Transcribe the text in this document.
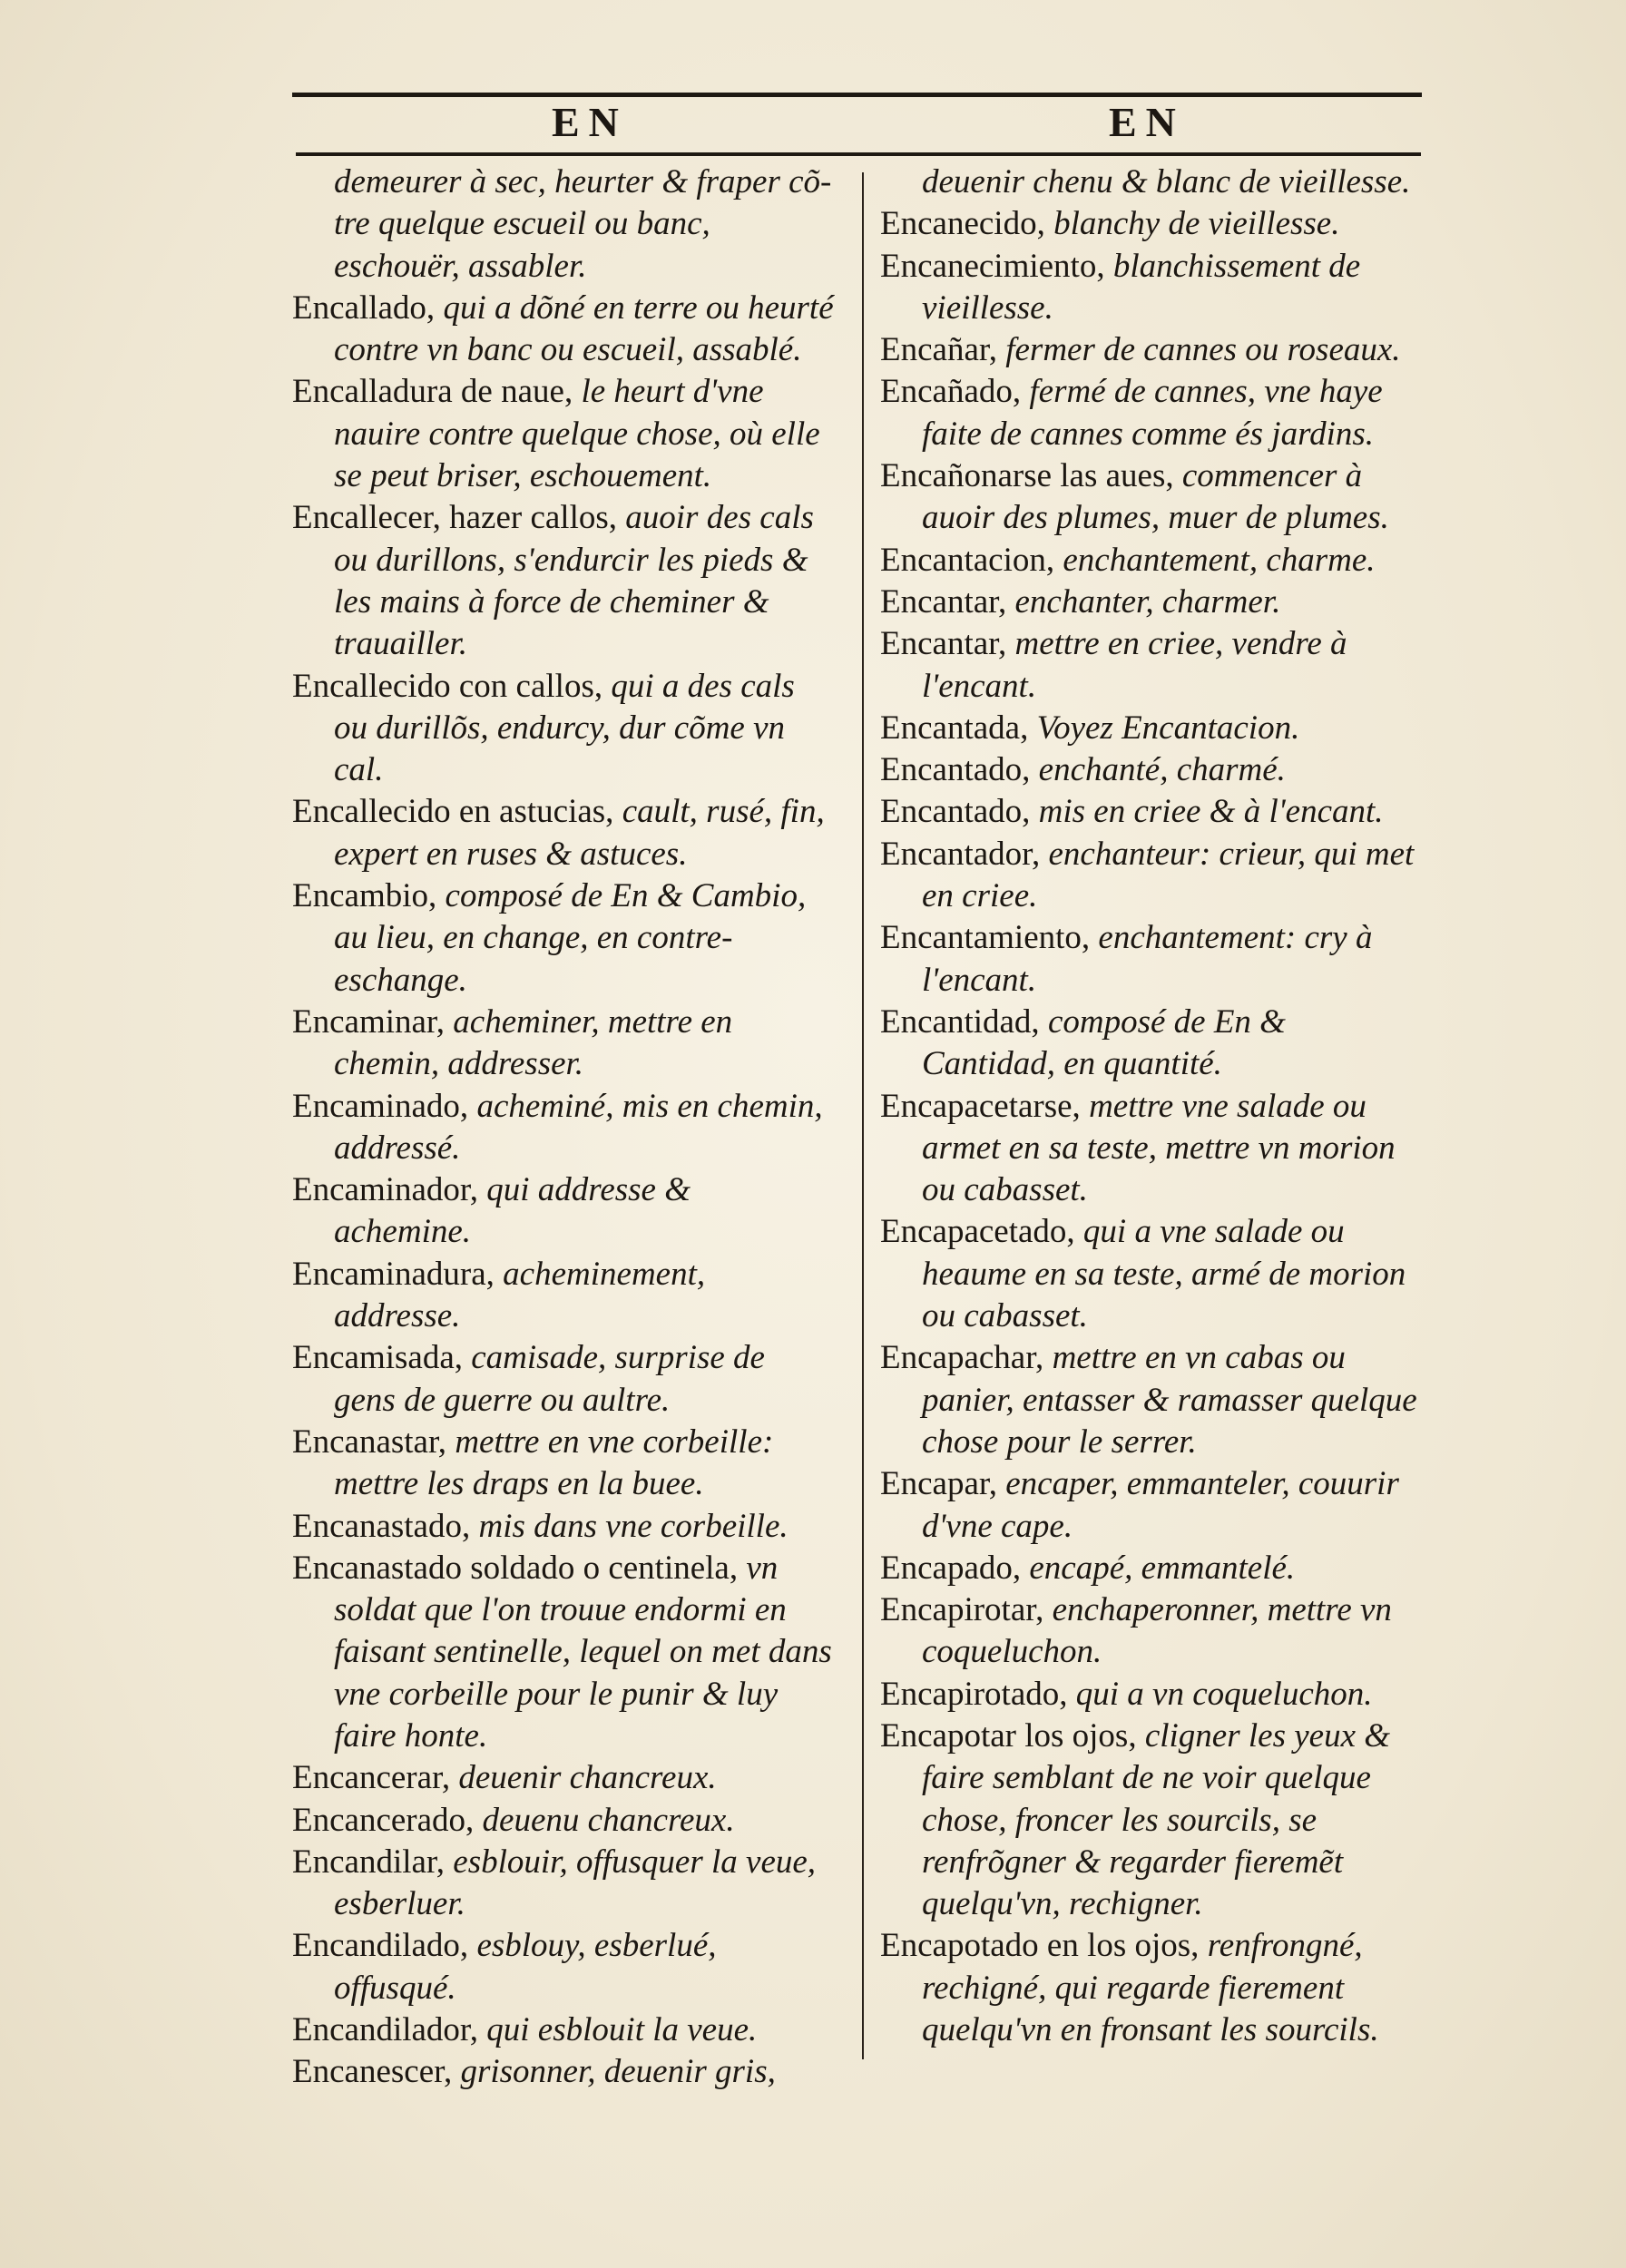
EN	EN
demeurer à sec, heurter & fraper cõ-tre quelque escueil ou banc, eschouër, assabler.
Encallado, qui a dõné en terre ou heurté contre vn banc ou escueil, assablé.
Encalladura de naue, le heurt d'vne nauire contre quelque chose, où elle se peut briser, eschouement.
Encallecer, hazer callos, auoir des cals ou durillons, s'endurcir les pieds & les mains à force de cheminer & trauailler.
Encallecido con callos, qui a des cals ou durillõs, endurcy, dur cõme vn cal.
Encallecido en astucias, cault, rusé, fin, expert en ruses & astuces.
Encambio, composé de En & Cambio, au lieu, en change, en contre-eschange.
Encaminar, acheminer, mettre en chemin, addresser.
Encaminado, acheminé, mis en chemin, addressé.
Encaminador, qui addresse & achemine.
Encaminadura, acheminement, addresse.
Encamisada, camisade, surprise de gens de guerre ou aultre.
Encanastar, mettre en vne corbeille: mettre les draps en la buee.
Encanastado, mis dans vne corbeille.
Encanastado soldado o centinela, vn soldat que l'on trouue endormi en faisant sentinelle, lequel on met dans vne corbeille pour le punir & luy faire honte.
Encancerar, deuenir chancreux.
Encancerado, deuenu chancreux.
Encandilar, esblouir, offusquer la veue, esberluer.
Encandilado, esblouy, esberlué, offusqué.
Encandilador, qui esblouit la veue.
Encanescer, grisonner, deuenir gris,
deuenir chenu & blanc de vieillesse.
Encanecido, blanchy de vieillesse.
Encanecimiento, blanchissement de vieillesse.
Encañar, fermer de cannes ou roseaux.
Encañado, fermé de cannes, vne haye faite de cannes comme és jardins.
Encañonarse las aues, commencer à auoir des plumes, muer de plumes.
Encantacion, enchantement, charme.
Encantar, enchanter, charmer.
Encantar, mettre en criee, vendre à l'encant.
Encantada, Voyez Encantacion.
Encantado, enchanté, charmé.
Encantado, mis en criee & à l'encant.
Encantador, enchanteur: crieur, qui met en criee.
Encantamiento, enchantement: cry à l'encant.
Encantidad, composé de En & Cantidad, en quantité.
Encapacetarse, mettre vne salade ou armet en sa teste, mettre vn morion ou cabasset.
Encapacetado, qui a vne salade ou heaume en sa teste, armé de morion ou cabasset.
Encapachar, mettre en vn cabas ou panier, entasser & ramasser quelque chose pour le serrer.
Encapar, encaper, emmanteler, couurir d'vne cape.
Encapado, encapé, emmantelé.
Encapirotar, enchaperonner, mettre vn coqueluchon.
Encapirotado, qui a vn coqueluchon.
Encapotar los ojos, cligner les yeux & faire semblant de ne voir quelque chose, froncer les sourcils, se renfrõgner & regarder fieremẽt quelqu'vn, rechigner.
Encapotado en los ojos, renfrongné, rechigné, qui regarde fierement quelqu'vn en fronsant les sourcils.
